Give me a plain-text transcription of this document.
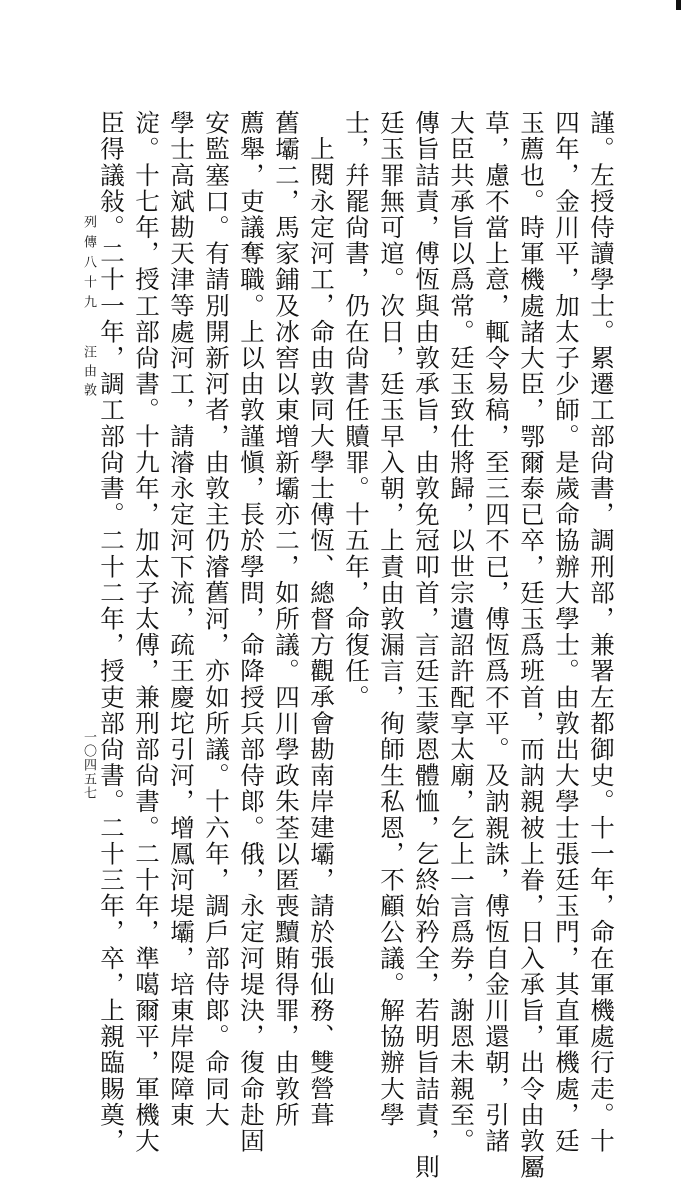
謹。左授侍讀學士。累遷工部尙書，調刑部，兼署左都御史。十一年，命在軍機處行走。十
四年，金川平，加太子少師。是歲命協辦大學士。由敦出大學士張廷玉門，其直軍機處，廷
玉薦也。時軍機處諸大臣，鄂爾泰已卒，廷玉爲班首，而訥親被上眷，日入承旨，出令由敦屬
草，慮不當上意，輒令易稿，至三四不已，傅恆爲不平。及訥親誅，傅恆自金川還朝，引諸
大臣共承旨以爲常。廷玉致仕將歸，以世宗遺詔許配享太廟，乞上一言爲券，謝恩未親至。
傳旨詰責，傅恆與由敦承旨，由敦免冠叩首，言廷玉蒙恩體恤，乞終始矜全，若明旨詰責，則
廷玉罪無可逭。次日，廷玉早入朝，上責由敦漏言，徇師生私恩，不顧公議。解協辦大學
士，幷罷尙書，仍在尙書任贖罪。十五年，命復任。
上閱永定河工，命由敦同大學士傅恆、總督方觀承會勘南岸建壩，請於張仙務、雙營葺
舊壩二，馬家鋪及冰窖以東增新壩亦二，如所議。四川學政朱荃以匿喪黷賄得罪，由敦所
薦舉，吏議奪職。上以由敦謹愼，長於學問，命降授兵部侍郞。俄，永定河堤決，復命赴固
安監塞口。有請別開新河者，由敦主仍濬舊河，亦如所議。十六年，調戶部侍郞。命同大
學士高斌勘天津等處河工，請濬永定河下流，疏王慶坨引河，增鳳河堤壩，培東岸隄障東
淀。十七年，授工部尙書。十九年，加太子太傅，兼刑部尙書。二十年，準噶爾平，軍機大
臣得議敍。二十一年，調工部尙書。二十二年，授吏部尙書。二十三年，卒，上親臨賜奠，
列傳八十九
汪由敦
一〇四五七
